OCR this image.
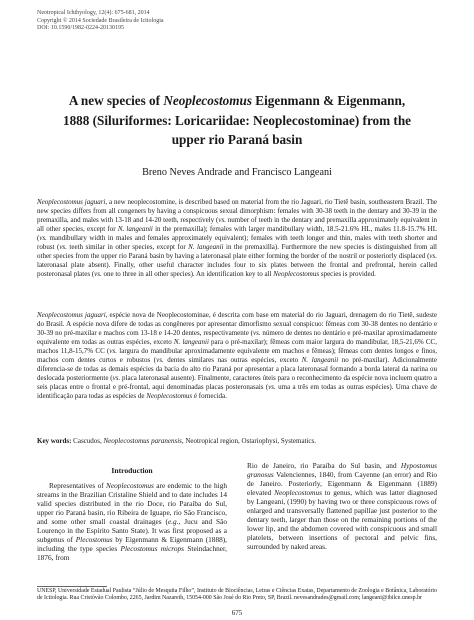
Neotropical Ichthyology, 12(4): 675-681, 2014
Copyright © 2014 Sociedade Brasileira de Ictiologia
DOI: 10.1590/1982-0224-20130195
A new species of Neoplecostomus Eigenmann & Eigenmann,
1888 (Siluriformes: Loricariidae: Neoplecostominae) from the
upper rio Paraná basin
Breno Neves Andrade and Francisco Langeani
Neoplecostomus jaguari, a new neoplecostomine, is described based on material from the rio Jaguari, rio Tietê basin, southeastern Brazil. The new species differs from all congeners by having a conspicuous sexual dimorphism: females with 30-38 teeth in the dentary and 30-39 in the premaxilla, and males with 13-18 and 14-20 teeth, respectively (vs. number of teeth in the dentary and premaxilla approximately equivalent in all other species, except for N. langeanii in the premaxilla); females with larger mandibullary width, 18.5-21.6% HL, males 11.8-15.7% HL (vs. mandibullary width in males and females approximately equivalent); females with teeth longer and thin, males with teeth shorter and robust (vs. teeth similar in other species, except for N. langeanii in the premaxilla). Furthermore the new species is distinguished from all other species from the upper rio Paraná basin by having a lateronasal plate either forming the border of the nostril or posteriorly displaced (vs. lateronasal plate absent). Finally, other useful character includes four to six plates between the frontal and prefrontal, herein called posteronasal plates (vs. one to three in all other species). An identification key to all Neoplecostomus species is provided.
Neoplecostomus jaguari, espécie nova de Neoplecostominae, é descrita com base em material do rio Jaguari, drenagem do rio Tietê, sudeste do Brasil. A espécie nova difere de todas as congêneres por apresentar dimorfismo sexual conspícuo: fêmeas com 30-38 dentes no dentário e 30-39 no pré-maxilar e machos com 13-18 e 14-20 dentes, respectivamente (vs. número de dentes no dentário e pré-maxilar aproximadamente equivalente em todas as outras espécies, exceto N. langeanii para o pré-maxilar); fêmeas com maior largura do mandibular, 18,5-21,6% CC, machos 11,8-15,7% CC (vs. largura do mandibular aproximadamente equivalente em machos e fêmeas); fêmeas com dentes longos e finos, machos com dentes curtos e robustos (vs. dentes similares nas outras espécies, exceto N. langeanii no pré-maxilar). Adicionalmente diferencia-se de todas as demais espécies da bacia do alto rio Paraná por apresentar a placa lateronasal formando a borda lateral da narina ou deslocada posteriormente (vs. placa lateronasal ausente). Finalmente, caracteres úteis para o reconhecimento da espécie nova incluem quatro a seis placas entre o frontal e pré-frontal, aqui denominadas placas posteronasais (vs. uma a três em todas as outras espécies). Uma chave de identificação para todas as espécies de Neoplecostomus é fornecida.
Key words: Cascudos, Neoplecostomus paranensis, Neotropical region, Ostariophysi, Systematics.
Introduction

Representatives of Neoplecostomus are endemic to the high streams in the Brazilian Cristaline Shield and to date includes 14 valid species distributed in the rio Doce, rio Paraíba do Sul, upper rio Paraná basin, rio Ribeira de Iguape, rio São Francisco, and some other small coastal drainages (e.g., Jucu and São Lourenço in the Espírito Santo State). It was first proposed as a subgenus of Plecostomus by Eigenmann & Eigenmann (1888), including the type species Plecostomus microps Steindachner, 1876, from

Rio de Janeiro, rio Paraíba do Sul basin, and Hypostomus granosus Valenciennes, 1840, from Cayenne (an error) and Rio de Janeiro. Posteriorly, Eigenmann & Eigenmann (1889) elevated Neoplecostomus to genus, which was latter diagnosed by Langeani, (1990) by having two or three conspicuous rows of enlarged and transversally flattened papillae just posterior to the dentary teeth, larger than those on the remaining portions of the lower lip, and the abdomen covered with conspicuous and small platelets, between insertions of pectoral and pelvic fins, surrounded by naked areas.

UNESP, Universidade Estadual Paulista “Júlio de Mesquita Filho”, Instituto de Biociências, Letras e Ciências Exatas, Departamento de Zoologia e Botânica, Laboratório de Ictiologia. Rua Cristóvão Colombo, 2265, Jardim Nazareth, 15054-000 São José do Rio Preto, SP, Brazil. nevesandrades@gmail.com; langeani@ibilce.unesp.br
675
